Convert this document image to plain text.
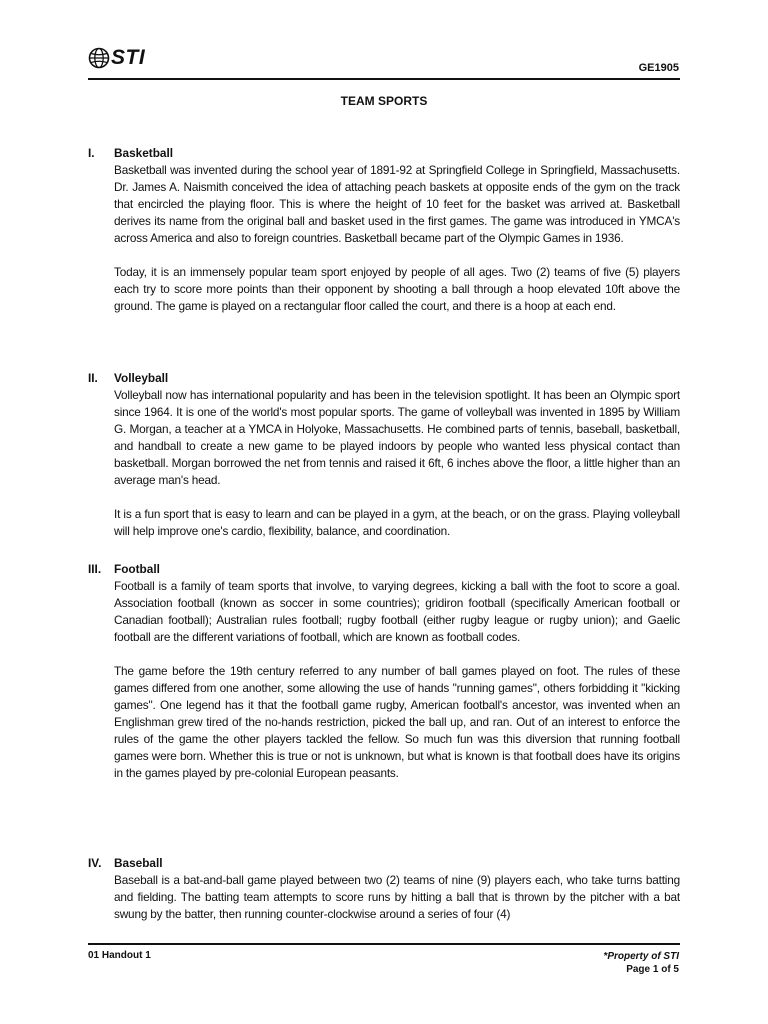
STI	GE1905
TEAM SPORTS
I. Basketball

Basketball was invented during the school year of 1891-92 at Springfield College in Springfield, Massachusetts. Dr. James A. Naismith conceived the idea of attaching peach baskets at opposite ends of the gym on the track that encircled the playing floor. This is where the height of 10 feet for the basket was arrived at. Basketball derives its name from the original ball and basket used in the first games. The game was introduced in YMCA's across America and also to foreign countries. Basketball became part of the Olympic Games in 1936.

Today, it is an immensely popular team sport enjoyed by people of all ages. Two (2) teams of five (5) players each try to score more points than their opponent by shooting a ball through a hoop elevated 10ft above the ground. The game is played on a rectangular floor called the court, and there is a hoop at each end.

II. Volleyball

Volleyball now has international popularity and has been in the television spotlight. It has been an Olympic sport since 1964. It is one of the world's most popular sports. The game of volleyball was invented in 1895 by William G. Morgan, a teacher at a YMCA in Holyoke, Massachusetts. He combined parts of tennis, baseball, basketball, and handball to create a new game to be played indoors by people who wanted less physical contact than basketball. Morgan borrowed the net from tennis and raised it 6ft, 6 inches above the floor, a little higher than an average man's head.

It is a fun sport that is easy to learn and can be played in a gym, at the beach, or on the grass. Playing volleyball will help improve one's cardio, flexibility, balance, and coordination.

III. Football

Football is a family of team sports that involve, to varying degrees, kicking a ball with the foot to score a goal. Association football (known as soccer in some countries); gridiron football (specifically American football or Canadian football); Australian rules football; rugby football (either rugby league or rugby union); and Gaelic football are the different variations of football, which are known as football codes.

The game before the 19th century referred to any number of ball games played on foot. The rules of these games differed from one another, some allowing the use of hands "running games", others forbidding it "kicking games". One legend has it that the football game rugby, American football's ancestor, was invented when an Englishman grew tired of the no-hands restriction, picked the ball up, and ran. Out of an interest to enforce the rules of the game the other players tackled the fellow. So much fun was this diversion that running football games were born. Whether this is true or not is unknown, but what is known is that football does have its origins in the games played by pre-colonial European peasants.

IV. Baseball

Baseball is a bat-and-ball game played between two (2) teams of nine (9) players each, who take turns batting and fielding. The batting team attempts to score runs by hitting a ball that is thrown by the pitcher with a bat swung by the batter, then running counter-clockwise around a series of four (4)

01 Handout 1	*Property of STI
Page 1 of 5
